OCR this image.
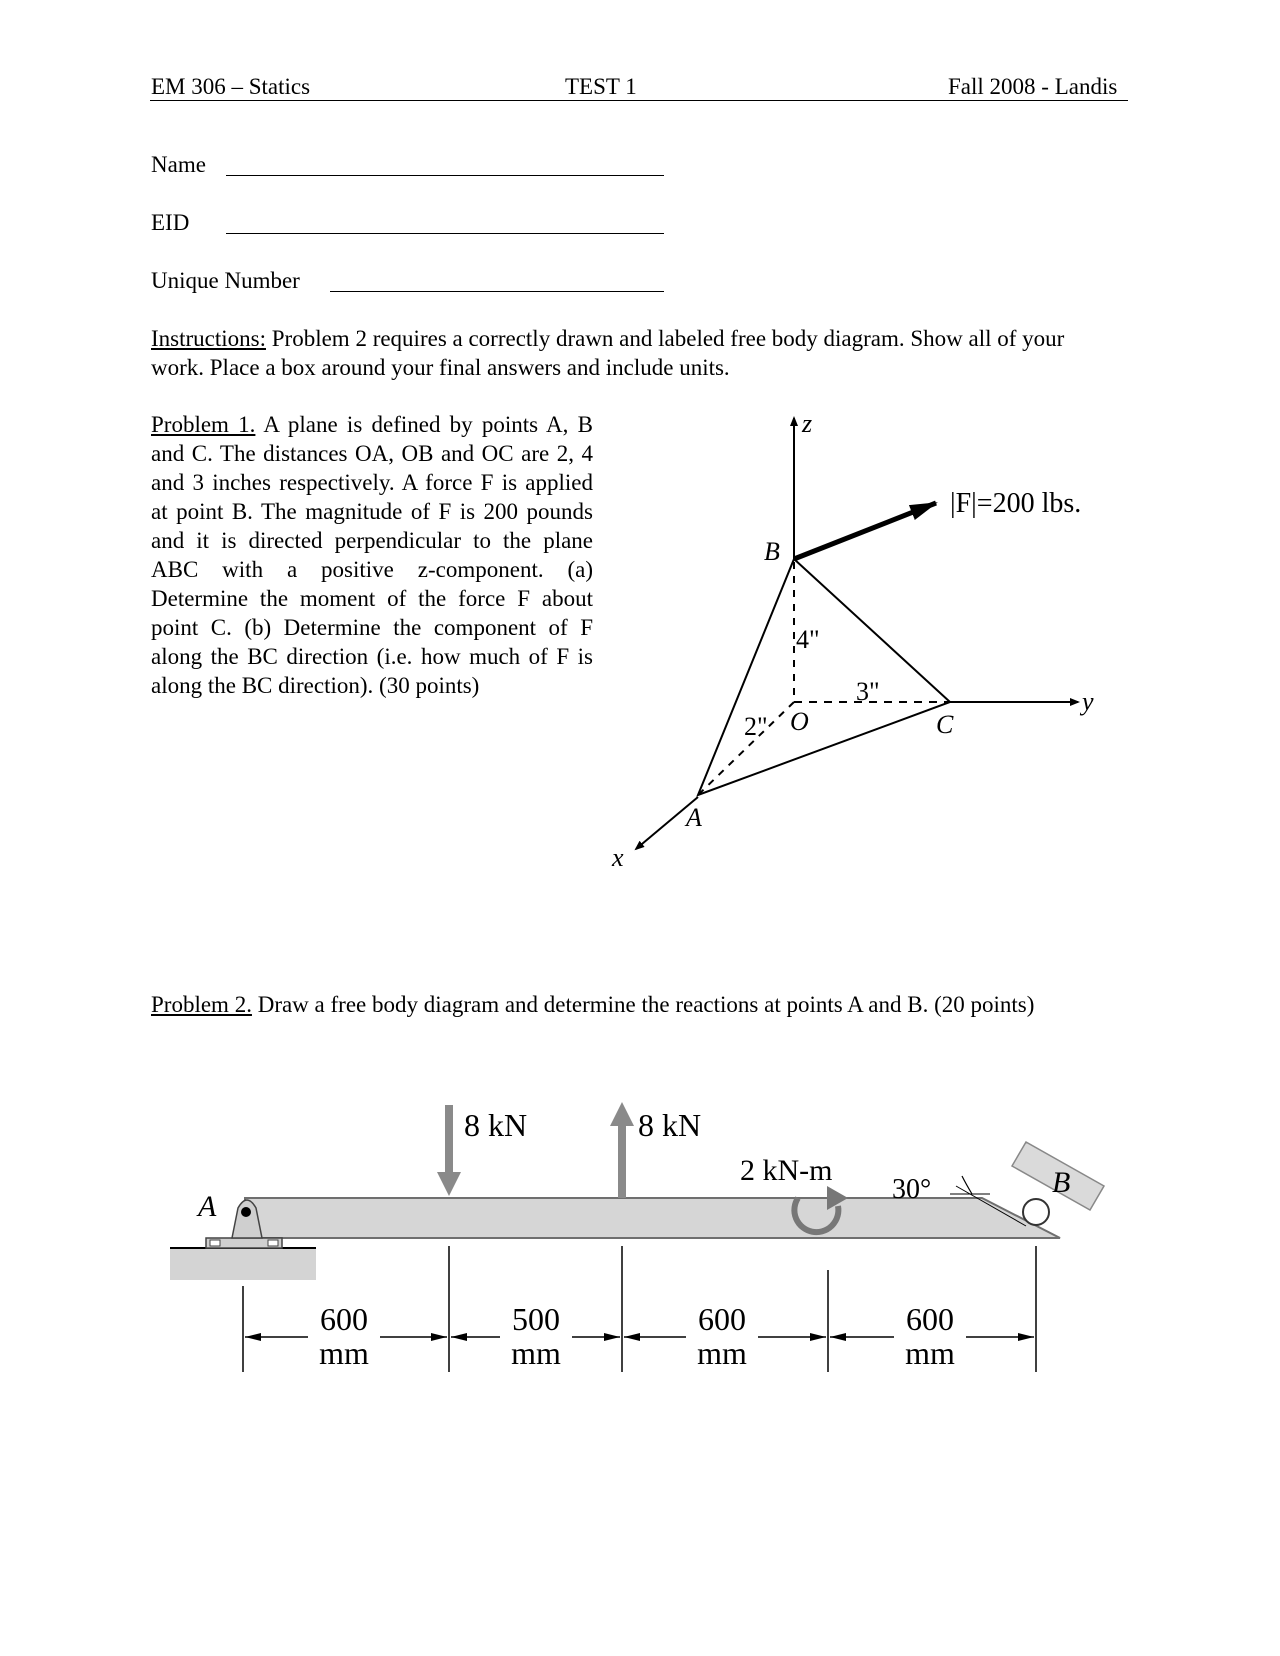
EM 306 – Statics	TEST 1	Fall 2008 - Landis
Name
EID
Unique Number
Instructions: Problem 2 requires a correctly drawn and labeled free body diagram. Show all of your work. Place a box around your final answers and include units.
Problem 1. A plane is defined by points A, B and C. The distances OA, OB and OC are 2, 4 and 3 inches respectively. A force F is applied at point B. The magnitude of F is 200 pounds and it is directed perpendicular to the plane ABC with a positive z-component. (a) Determine the moment of the force F about point C. (b) Determine the component of F along the BC direction (i.e. how much of F is along the BC direction). (30 points)
z
y
x
B
O	C
A
4"
3"
2"
|F|=200 lbs.
Problem 2. Draw a free body diagram and determine the reactions at points A and B. (20 points)
A
B
8 kN	8 kN
2 kN-m
30°
600
mm
500
mm
600
mm
600
mm
